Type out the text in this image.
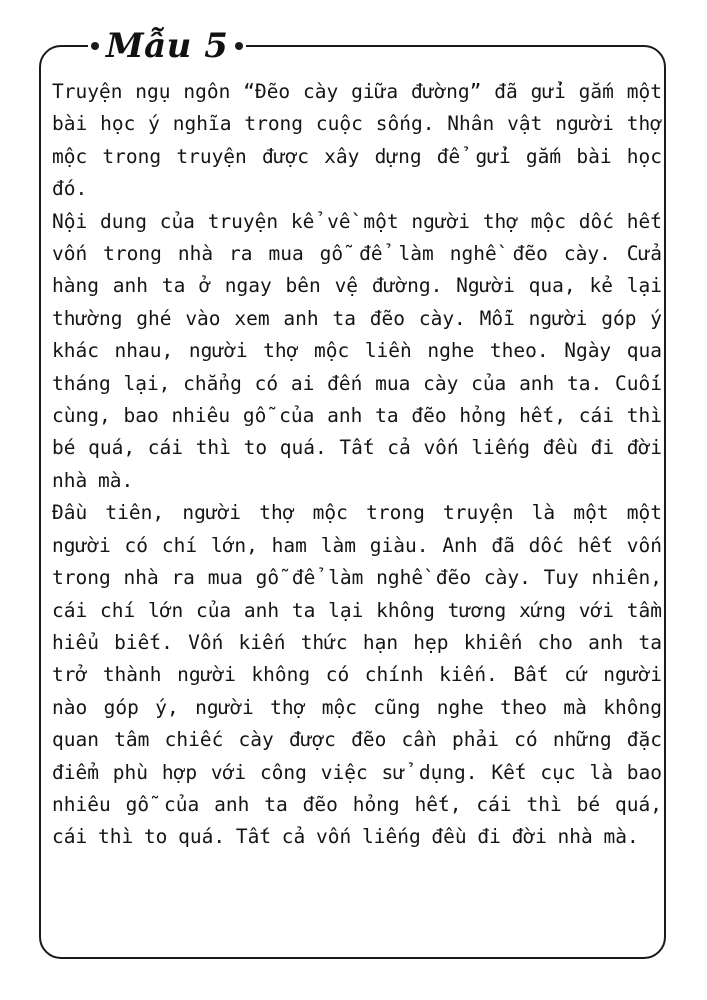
Mẫu 5

Truyện ngụ ngôn “Đẽo cày giữa đường” đã gửi gắm một bài học ý nghĩa trong cuộc sống. Nhân vật người thợ mộc trong truyện được xây dựng để gửi gắm bài học đó.

Nội dung của truyện kể về một người thợ mộc dốc hết vốn trong nhà ra mua gỗ để làm nghề đẽo cày. Cửa hàng anh ta ở ngay bên vệ đường. Người qua, kẻ lại thường ghé vào xem anh ta đẽo cày. Mỗi người góp ý khác nhau, người thợ mộc liền nghe theo. Ngày qua tháng lại, chẳng có ai đến mua cày của anh ta. Cuối cùng, bao nhiêu gỗ của anh ta đẽo hỏng hết, cái thì bé quá, cái thì to quá. Tất cả vốn liếng đều đi đời nhà mà.

Đầu tiên, người thợ mộc trong truyện là một một người có chí lớn, ham làm giàu. Anh đã dốc hết vốn trong nhà ra mua gỗ để làm nghề đẽo cày. Tuy nhiên, cái chí lớn của anh ta lại không tương xứng với tầm hiểu biết. Vốn kiến thức hạn hẹp khiến cho anh ta trở thành người không có chính kiến. Bất cứ người nào góp ý, người thợ mộc cũng nghe theo mà không quan tâm chiếc cày được đẽo cần phải có những đặc điểm phù hợp với công việc sử dụng. Kết cục là bao nhiêu gỗ của anh ta đẽo hỏng hết, cái thì bé quá, cái thì to quá. Tất cả vốn liếng đều đi đời nhà mà.
